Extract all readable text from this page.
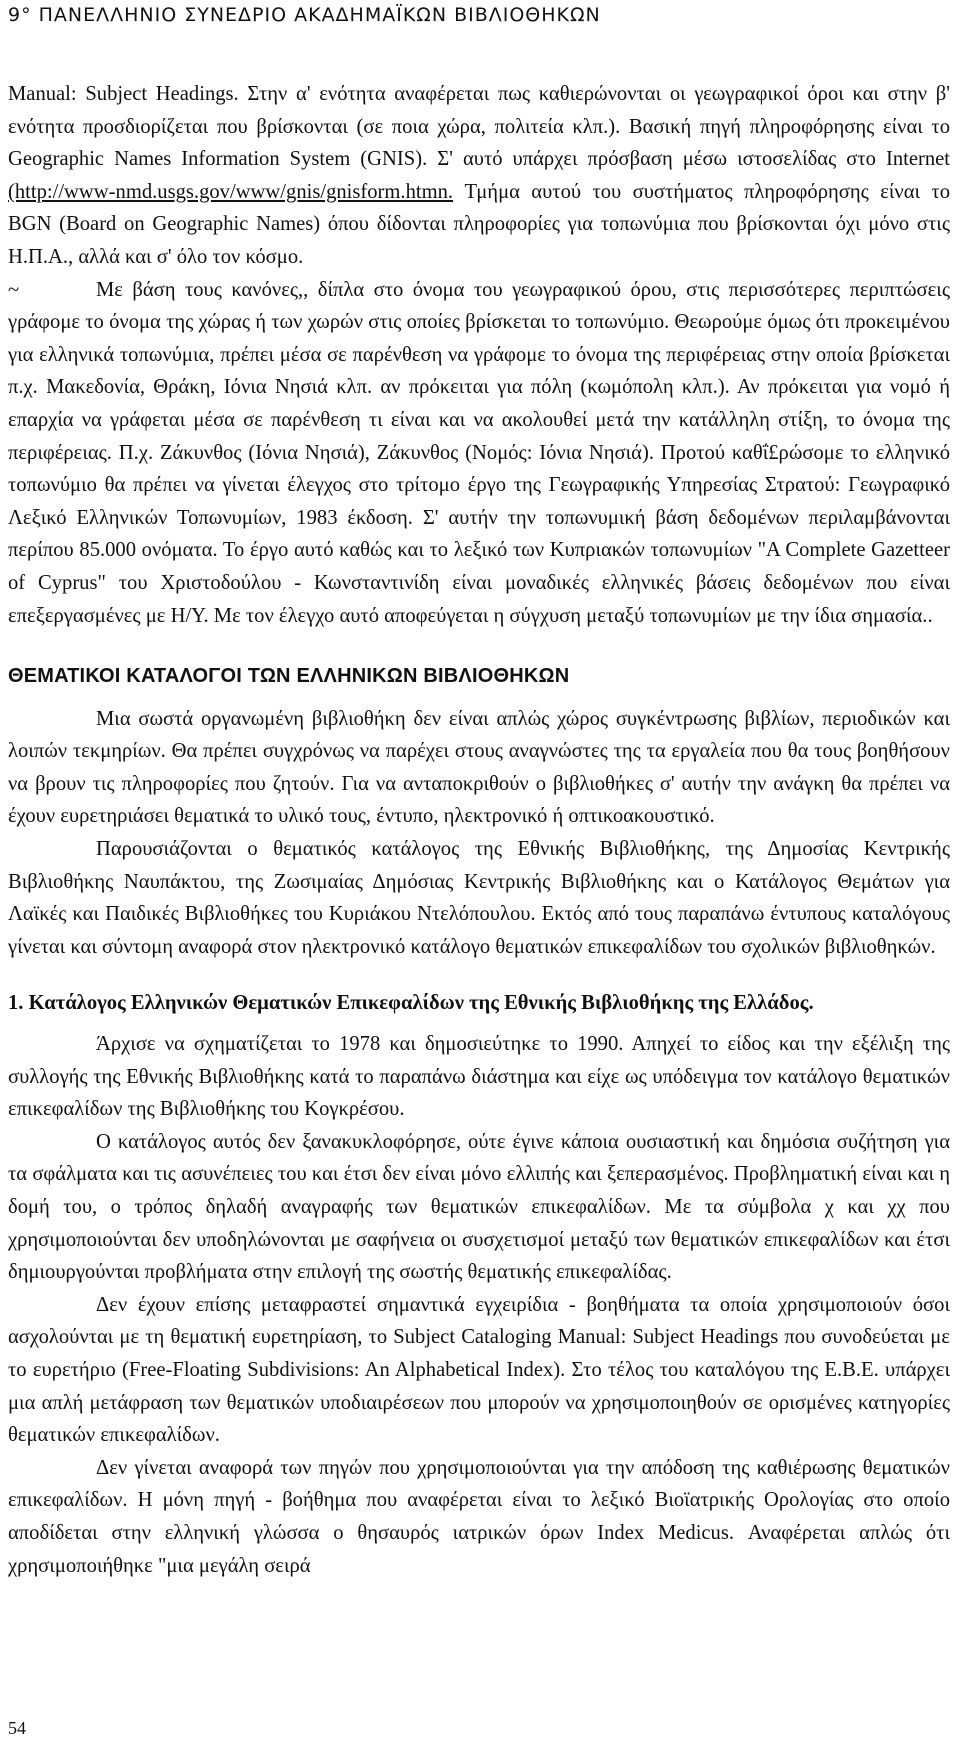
9° ΠΑΝΕΛΛΗΝΙΟ ΣΥΝΕΔΡΙΟ ΑΚΑΔΗΜΑΪΚΩΝ ΒΙΒΛΙΟΘΗΚΩΝ

Manual: Subject Headings. Στην α' ενότητα αναφέρεται πως καθιερώνονται οι γεωγραφικοί όροι και στην β' ενότητα προσδιορίζεται που βρίσκονται (σε ποια χώρα, πολιτεία κλπ.). Βασική πηγή πληροφόρησης είναι το Geographic Names Information System (GNIS). Σ' αυτό υπάρχει πρόσβαση μέσω ιστοσελίδας στο Internet (http://www-nmd.usgs.gov/www/gnis/gnisform.htmn. Τμήμα αυτού του συστήματος πληροφόρησης είναι το BGN (Board on Geographic Names) όπου δίδονται πληροφορίες για τοπωνύμια που βρίσκονται όχι μόνο στις Η.Π.Α., αλλά και σ' όλο τον κόσμο.

~	Με βάση τους κανόνες,, δίπλα στο όνομα του γεωγραφικού όρου, στις περισσότερες περιπτώσεις γράφομε το όνομα της χώρας ή των χωρών στις οποίες βρίσκεται το τοπωνύμιο. Θεωρούμε όμως ότι προκειμένου για ελληνικά τοπωνύμια, πρέπει μέσα σε παρένθεση να γράφομε το όνομα της περιφέρειας στην οποία βρίσκεται π.χ. Μακεδονία, Θράκη, Ιόνια Νησιά κλπ. αν πρόκειται για πόλη (κωμόπολη κλπ.). Αν πρόκειται για νομό ή επαρχία να γράφεται μέσα σε παρένθεση τι είναι και να ακολουθεί μετά την κατάλληλη στίξη, το όνομα της περιφέρειας. Π.χ. Ζάκυνθος (Ιόνια Νησιά), Ζάκυνθος (Νομός: Ιόνια Νησιά). Προτού καθΐ£ρώσομε το ελληνικό τοπωνύμιο θα πρέπει να γίνεται έλεγχος στο τρίτομο έργο της Γεωγραφικής Υπηρεσίας Στρατού: Γεωγραφικό Λεξικό Ελληνικών Τοπωνυμίων, 1983 έκδοση. Σ' αυτήν την τοπωνυμική βάση δεδομένων περιλαμβάνονται περίπου 85.000 ονόματα. Το έργο αυτό καθώς και το λεξικό των Κυπριακών τοπωνυμίων "A Complete Gazetteer of Cyprus" του Χριστοδούλου - Κωνσταντινίδη είναι μοναδικές ελληνικές βάσεις δεδομένων που είναι επεξεργασμένες με Η/Υ. Με τον έλεγχο αυτό αποφεύγεται η σύγχυση μεταξύ τοπωνυμίων με την ίδια σημασία..

ΘΕΜΑΤΙΚΟΙ ΚΑΤΑΛΟΓΟΙ ΤΩΝ ΕΛΛΗΝΙΚΩΝ ΒΙΒΛΙΟΘΗΚΩΝ

Μια σωστά οργανωμένη βιβλιοθήκη δεν είναι απλώς χώρος συγκέντρωσης βιβλίων, περιοδικών και λοιπών τεκμηρίων. Θα πρέπει συγχρόνως να παρέχει στους αναγνώστες της τα εργαλεία που θα τους βοηθήσουν να βρουν τις πληροφορίες που ζητούν. Για να ανταποκριθούν ο βιβλιοθήκες σ' αυτήν την ανάγκη θα πρέπει να έχουν ευρετηριάσει θεματικά το υλικό τους, έντυπο, ηλεκτρονικό ή οπτικοακουστικό.

Παρουσιάζονται ο θεματικός κατάλογος της Εθνικής Βιβλιοθήκης, της Δημοσίας Κεντρικής Βιβλιοθήκης Ναυπάκτου, της Ζωσιμαίας Δημόσιας Κεντρικής Βιβλιοθήκης και ο Κατάλογος Θεμάτων για Λαϊκές και Παιδικές Βιβλιοθήκες του Κυριάκου Ντελόπουλου. Εκτός από τους παραπάνω έντυπους καταλόγους γίνεται και σύντομη αναφορά στον ηλεκτρονικό κατάλογο θεματικών επικεφαλίδων του σχολικών βιβλιοθηκών.

1. Κατάλογος Ελληνικών Θεματικών Επικεφαλίδων της Εθνικής Βιβλιοθήκης της Ελλάδος.

Άρχισε να σχηματίζεται το 1978 και δημοσιεύτηκε το 1990. Απηχεί το είδος και την εξέλιξη της συλλογής της Εθνικής Βιβλιοθήκης κατά το παραπάνω διάστημα και είχε ως υπόδειγμα τον κατάλογο θεματικών επικεφαλίδων της Βιβλιοθήκης του Κογκρέσου.

Ο κατάλογος αυτός δεν ξανακυκλοφόρησε, ούτε έγινε κάποια ουσιαστική και δημόσια συζήτηση για τα σφάλματα και τις ασυνέπειες του και έτσι δεν είναι μόνο ελλιπής και ξεπερασμένος. Προβληματική είναι και η δομή του, ο τρόπος δηλαδή αναγραφής των θεματικών επικεφαλίδων. Με τα σύμβολα χ και χχ που χρησιμοποιούνται δεν υποδηλώνονται με σαφήνεια οι συσχετισμοί μεταξύ των θεματικών επικεφαλίδων και έτσι δημιουργούνται προβλήματα στην επιλογή της σωστής θεματικής επικεφαλίδας.

Δεν έχουν επίσης μεταφραστεί σημαντικά εγχειρίδια - βοηθήματα τα οποία χρησιμοποιούν όσοι ασχολούνται με τη θεματική ευρετηρίαση, το Subject Cataloging Manual: Subject Headings που συνοδεύεται με το ευρετήριο (Free-Floating Subdivisions: An Alphabetical Index). Στο τέλος του καταλόγου της Ε.Β.Ε. υπάρχει μια απλή μετάφραση των θεματικών υποδιαιρέσεων που μπορούν να χρησιμοποιηθούν σε ορισμένες κατηγορίες θεματικών επικεφαλίδων.

Δεν γίνεται αναφορά των πηγών που χρησιμοποιούνται για την απόδοση της καθιέρωσης θεματικών επικεφαλίδων. Η μόνη πηγή - βοήθημα που αναφέρεται είναι το λεξικό Βιοϊατρικής Ορολογίας στο οποίο αποδίδεται στην ελληνική γλώσσα ο θησαυρός ιατρικών όρων Index Medicus. Αναφέρεται απλώς ότι χρησιμοποιήθηκε "μια μεγάλη σειρά

54
